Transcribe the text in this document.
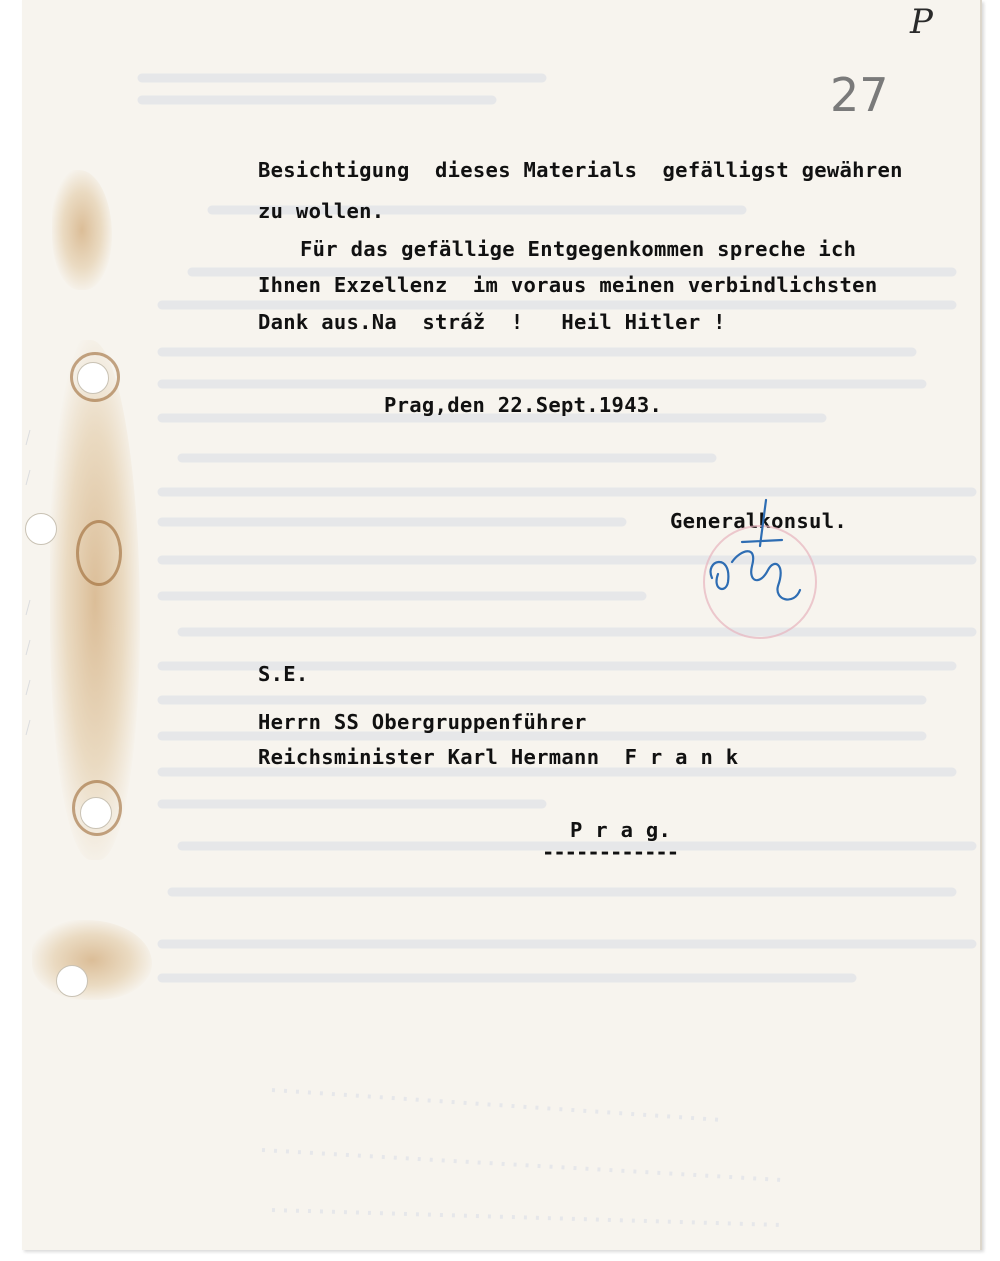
P
27
Besichtigung  dieses Materials  gefälligst gewähren
zu wollen.
Für das gefällige Entgegenkommen spreche ich
Ihnen Exzellenz  im voraus meinen verbindlichsten
Dank aus.Na  stráž  !   Heil Hitler !
Prag,den 22.Sept.1943.
Generalkonsul.
S.E.
Herrn SS Obergruppenführer
Reichsminister Karl Hermann  F r a n k
P r a g.
------------
